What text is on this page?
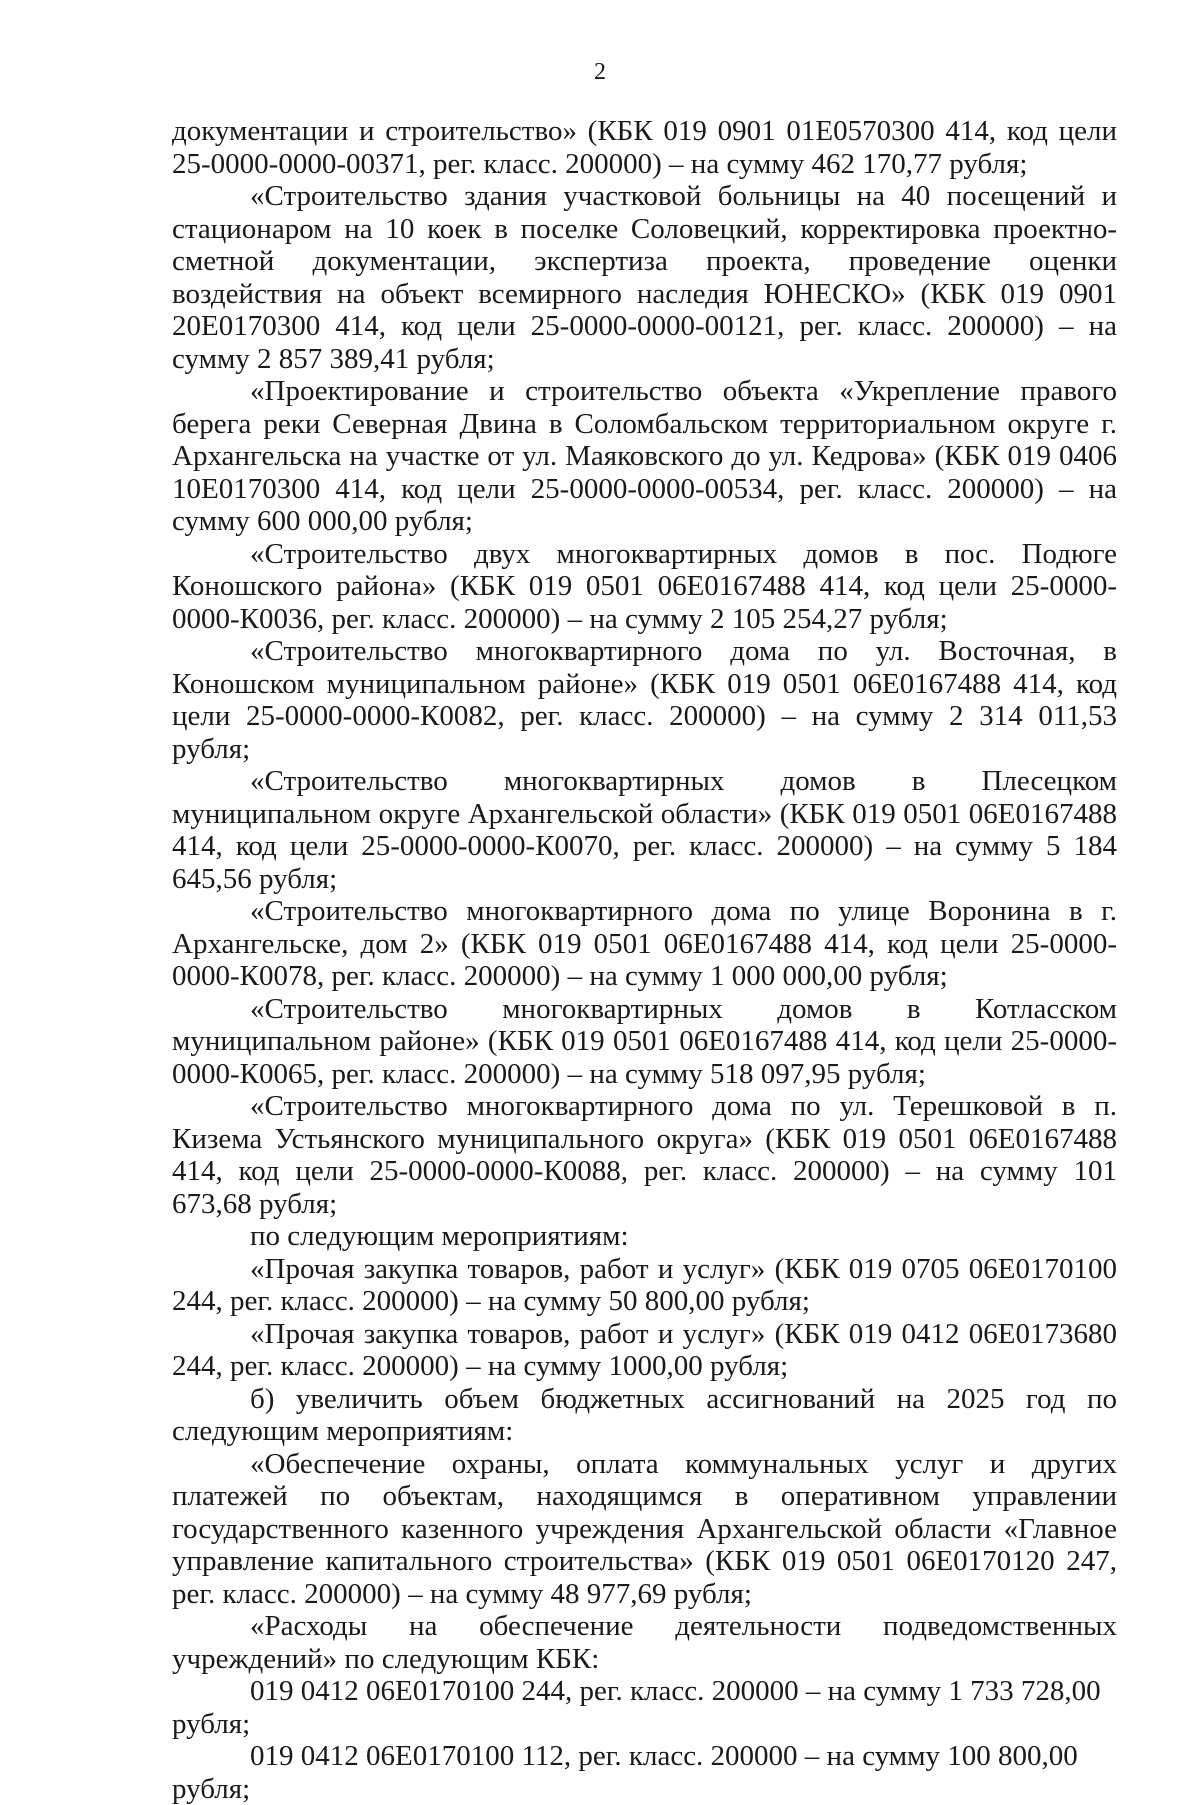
2

документации и строительство» (КБК 019 0901 01Е0570300 414, код цели 25-0000-0000-00371, рег. класс. 200000) – на сумму 462 170,77 рубля;

«Строительство здания участковой больницы на 40 посещений и стационаром на 10 коек в поселке Соловецкий, корректировка проектно-сметной документации, экспертиза проекта, проведение оценки воздействия на объект всемирного наследия ЮНЕСКО» (КБК 019 0901 20Е0170300 414, код цели 25-0000-0000-00121, рег. класс. 200000) – на сумму 2 857 389,41 рубля;

«Проектирование и строительство объекта «Укрепление правого берега реки Северная Двина в Соломбальском территориальном округе г. Архангельска на участке от ул. Маяковского до ул. Кедрова» (КБК 019 0406 10Е0170300 414, код цели 25-0000-0000-00534, рег. класс. 200000) – на сумму 600 000,00 рубля;

«Строительство двух многоквартирных домов в пос. Подюге Коношского района» (КБК 019 0501 06Е0167488 414, код цели 25-0000-0000-К0036, рег. класс. 200000) – на сумму 2 105 254,27 рубля;

«Строительство многоквартирного дома по ул. Восточная, в Коношском муниципальном районе» (КБК 019 0501 06Е0167488 414, код цели 25-0000-0000-К0082, рег. класс. 200000) – на сумму 2 314 011,53 рубля;

«Строительство многоквартирных домов в Плесецком муниципальном округе Архангельской области» (КБК 019 0501 06Е0167488 414, код цели 25-0000-0000-К0070, рег. класс. 200000) – на сумму 5 184 645,56 рубля;

«Строительство многоквартирного дома по улице Воронина в г. Архангельске, дом 2» (КБК 019 0501 06Е0167488 414, код цели 25-0000-0000-К0078, рег. класс. 200000) – на сумму 1 000 000,00 рубля;

«Строительство многоквартирных домов в Котласском муниципальном районе» (КБК 019 0501 06Е0167488 414, код цели 25-0000-0000-К0065, рег. класс. 200000) – на сумму 518 097,95 рубля;

«Строительство многоквартирного дома по ул. Терешковой в п. Кизема Устьянского муниципального округа» (КБК 019 0501 06Е0167488 414, код цели 25-0000-0000-К0088, рег. класс. 200000) – на сумму 101 673,68 рубля;

по следующим мероприятиям:

«Прочая закупка товаров, работ и услуг» (КБК 019 0705 06Е0170100 244, рег. класс. 200000) – на сумму 50 800,00 рубля;

«Прочая закупка товаров, работ и услуг» (КБК 019 0412 06Е0173680 244, рег. класс. 200000) – на сумму 1000,00 рубля;

б) увеличить объем бюджетных ассигнований на 2025 год по следующим мероприятиям:

«Обеспечение охраны, оплата коммунальных услуг и других платежей по объектам, находящимся в оперативном управлении государственного казенного учреждения Архангельской области «Главное управление капитального строительства» (КБК 019 0501 06Е0170120 247, рег. класс. 200000) – на сумму 48 977,69 рубля;

«Расходы на обеспечение деятельности подведомственных учреждений» по следующим КБК:

019 0412 06Е0170100 244, рег. класс. 200000 – на сумму 1 733 728,00 рубля;

019 0412 06Е0170100 112, рег. класс. 200000 – на сумму 100 800,00 рубля;
